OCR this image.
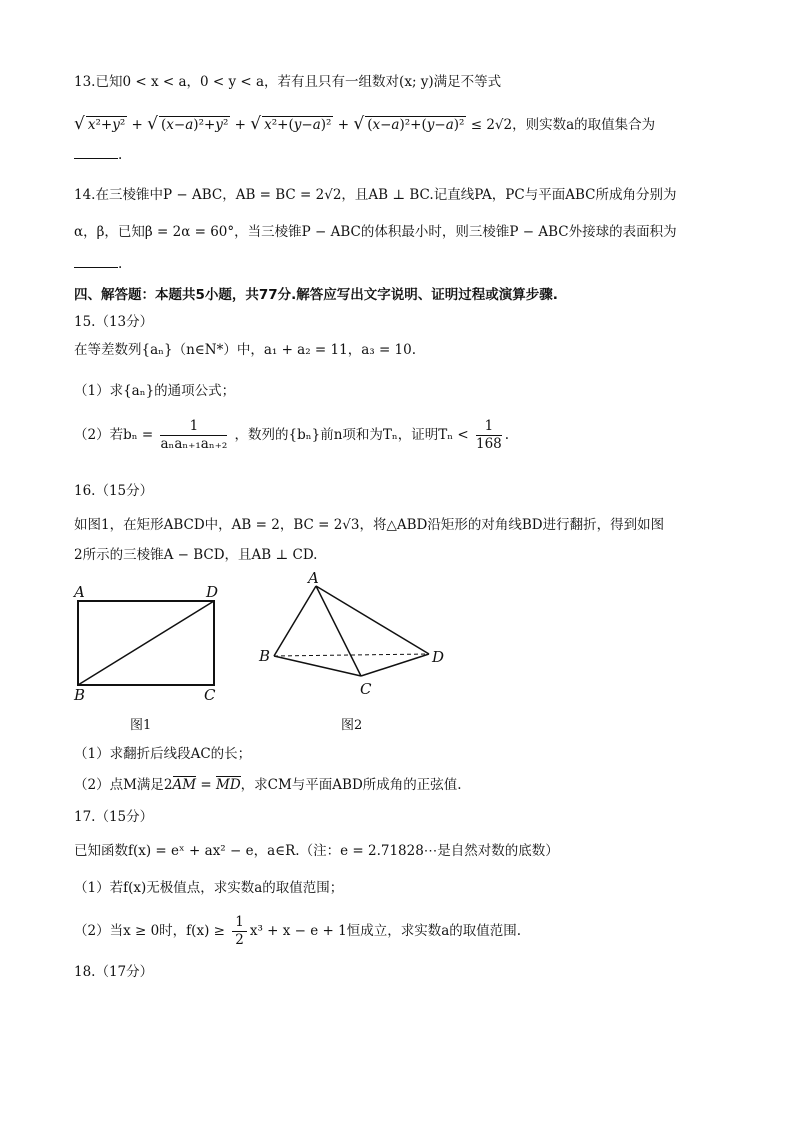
13.已知0 < x < a，0 < y < a，若有且只有一组数对(x; y)满足不等式
√ x²+y² + √ (x−a)²+y² + √ x²+(y−a)² + √ (x−a)²+(y−a)² ≤ 2√2，则实数a的取值集合为
.
14.在三棱锥中P − ABC，AB = BC = 2√2，且AB ⊥ BC.记直线PA，PC与平面ABC所成角分别为
α，β，已知β = 2α = 60°，当三棱锥P − ABC的体积最小时，则三棱锥P − ABC外接球的表面积为
.
四、解答题：本题共5小题，共77分.解答应写出文字说明、证明过程或演算步骤.
15.（13分）
在等差数列{aₙ}（n∈N*）中，a₁ + a₂ = 11，a₃ = 10.
（1）求{aₙ}的通项公式；
（2）若$b_n = \frac{1}{\text{aₙaₙ₊₁aₙ₊₂}}$ ，数列的{bₙ}前n项和为Tₙ，证明$T_n < \frac{1}{168}$ .
16.（15分）
如图1，在矩形ABCD中，AB = 2，BC = 2√3，将△ABD沿矩形的对角线BD进行翻折，得到如图
2所示的三棱锥A − BCD，且AB ⊥ CD.
A	D
B	C
图1
A
B
C
D
图2
（1）求翻折后线段AC的长；
（2）点M满足2AM = MD，求CM与平面ABD所成角的正弦值.
17.（15分）
已知函数f(x) = eˣ + ax² − e，a∈R.（注：e = 2.71828⋯是自然对数的底数）
（1）若f(x)无极值点，求实数a的取值范围；
（2）当x ≥ 0时，$f(x) \ge \frac{1}{2} x^3 + x - e + 1$恒成立，求实数a的取值范围.
18.（17分）
